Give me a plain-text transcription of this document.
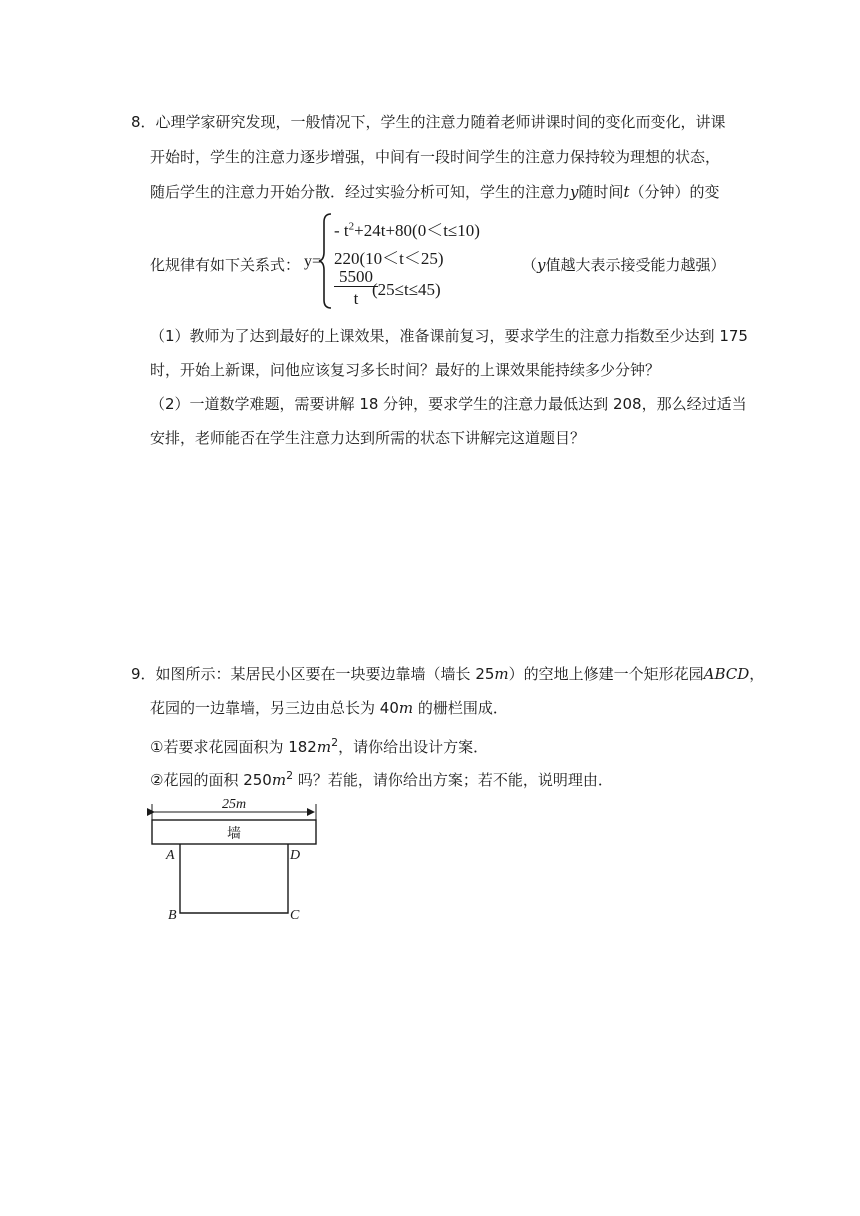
8．心理学家研究发现，一般情况下，学生的注意力随着老师讲课时间的变化而变化，讲课
开始时，学生的注意力逐步增强，中间有一段时间学生的注意力保持较为理想的状态，
随后学生的注意力开始分散．经过实验分析可知，学生的注意力y随时间t（分钟）的变
化规律有如下关系式： y=
- $t^2+24t+80(0<t\le 10)$
220(10＜t＜25)
5500
t (25≤t≤45)
（y值越大表示接受能力越强）
（1）教师为了达到最好的上课效果，准备课前复习，要求学生的注意力指数至少达到 175
时，开始上新课，问他应该复习多长时间？最好的上课效果能持续多少分钟？
（2）一道数学难题，需要讲解 18 分钟，要求学生的注意力最低达到 208，那么经过适当
安排，老师能否在学生注意力达到所需的状态下讲解完这道题目？
9．如图所示：某居民小区要在一块要边靠墙（墙长 25m）的空地上修建一个矩形花园ABCD，
花园的一边靠墙，另三边由总长为 40m 的栅栏围成．
①若要求花园面积为 $182m^2$，请你给出设计方案．
②花园的面积 $250m^2$ 吗？若能，请你给出方案；若不能，说明理由．
25m
墙
A	D
B	C
